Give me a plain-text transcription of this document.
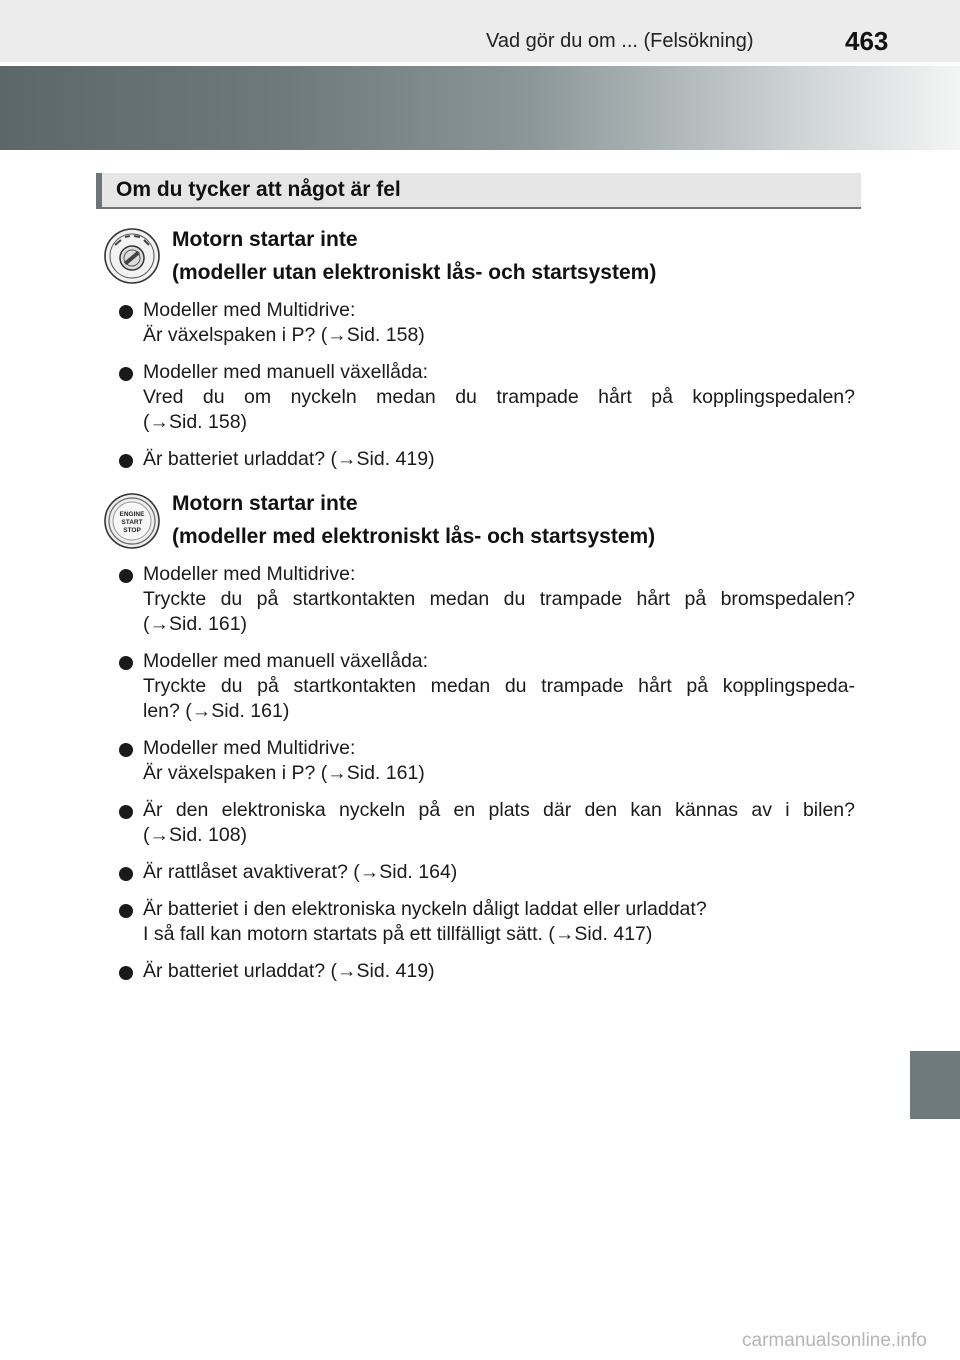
Vad gör du om ... (Felsökning)	463
Om du tycker att något är fel
Motorn startar inte
(modeller utan elektroniskt lås- och startsystem)
Modeller med Multidrive:
Är växelspaken i P? (→Sid. 158)
Modeller med manuell växellåda:
Vred du om nyckeln medan du trampade hårt på kopplingspedalen?
(→Sid. 158)
Är batteriet urladdat? (→Sid. 419)
ENGINE
START
STOP
Motorn startar inte
(modeller med elektroniskt lås- och startsystem)
Modeller med Multidrive:
Tryckte du på startkontakten medan du trampade hårt på bromspedalen?
(→Sid. 161)
Modeller med manuell växellåda:
Tryckte du på startkontakten medan du trampade hårt på kopplingspeda-
len? (→Sid. 161)
Modeller med Multidrive:
Är växelspaken i P? (→Sid. 161)
Är den elektroniska nyckeln på en plats där den kan kännas av i bilen?
(→Sid. 108)
Är rattlåset avaktiverat? (→Sid. 164)
Är batteriet i den elektroniska nyckeln dåligt laddat eller urladdat?
I så fall kan motorn startats på ett tillfälligt sätt. (→Sid. 417)
Är batteriet urladdat? (→Sid. 419)
carmanualsonline.info
